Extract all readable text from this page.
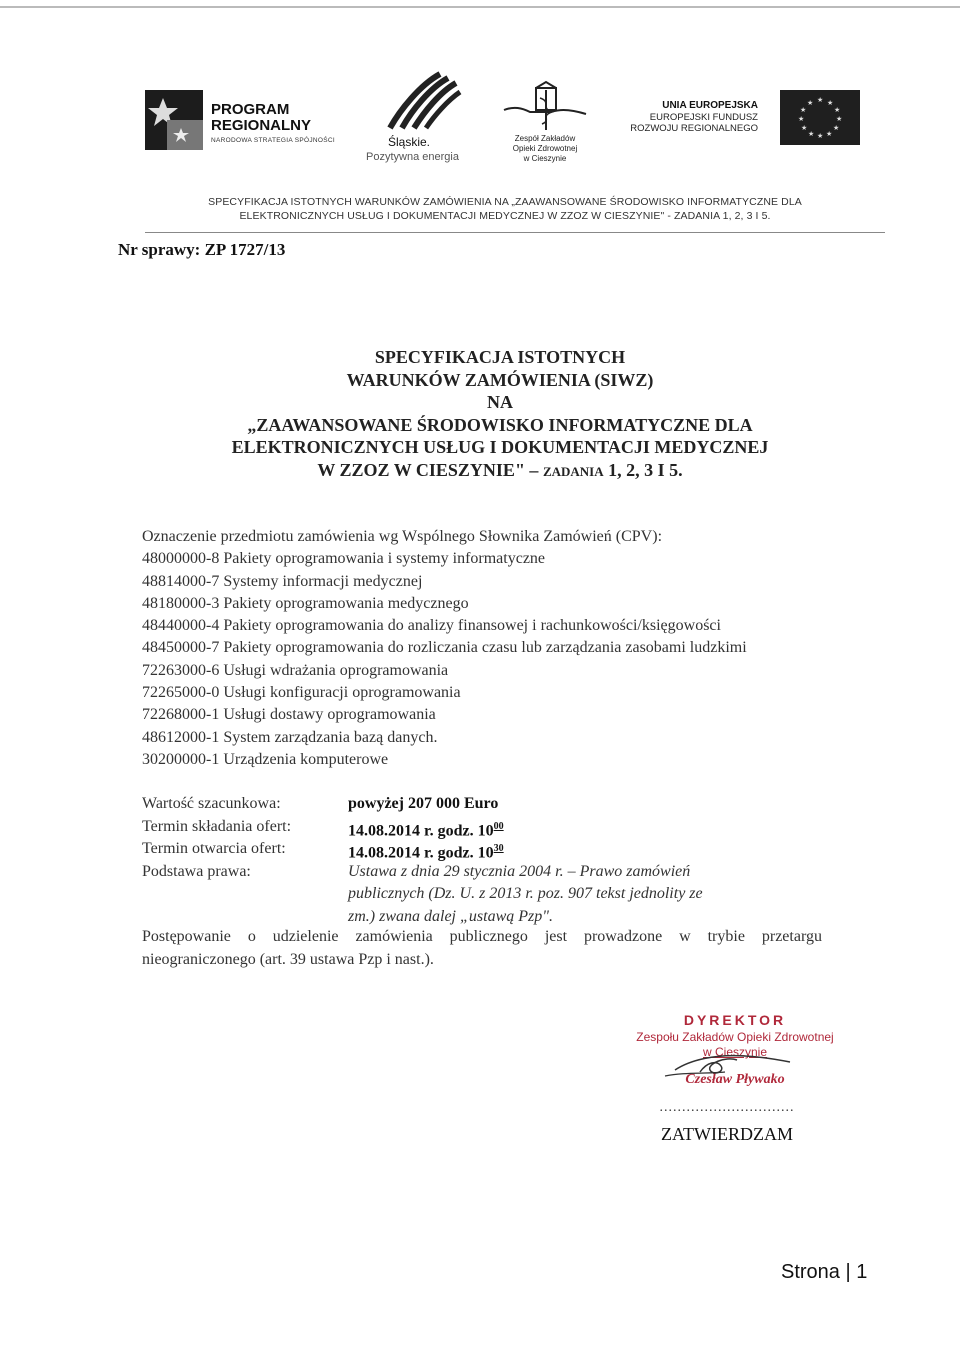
PROGRAM
REGIONALNY
NARODOWA STRATEGIA SPÓJNOŚCI	Śląskie.
Pozytywna energia
Zespół Zakładów
Opieki Zdrowotnej
w Cieszynie
UNIA EUROPEJSKA
EUROPEJSKI FUNDUSZ
ROZWOJU REGIONALNEGO
★ ★
★
★
★
★
★
★
★
★
★
★
SPECYFIKACJA ISTOTNYCH WARUNKÓW ZAMÓWIENIA NA „ZAAWANSOWANE ŚRODOWISKO INFORMATYCZNE DLA
ELEKTRONICZNYCH USŁUG I DOKUMENTACJI MEDYCZNEJ W ZZOZ W CIESZYNIE" - ZADANIA 1, 2, 3 I 5.
Nr sprawy: ZP 1727/13
SPECYFIKACJA ISTOTNYCH
WARUNKÓW ZAMÓWIENIA (SIWZ)
NA
„ZAAWANSOWANE ŚRODOWISKO INFORMATYCZNE DLA
ELEKTRONICZNYCH USŁUG I DOKUMENTACJI MEDYCZNEJ
W ZZOZ W CIESZYNIE" – ZADANIA 1, 2, 3 I 5.
Oznaczenie przedmiotu zamówienia wg Wspólnego Słownika Zamówień (CPV):
48000000-8 Pakiety oprogramowania i systemy informatyczne
48814000-7 Systemy informacji medycznej
48180000-3 Pakiety oprogramowania medycznego
48440000-4 Pakiety oprogramowania do analizy finansowej i rachunkowości/księgowości
48450000-7 Pakiety oprogramowania do rozliczania czasu lub zarządzania zasobami ludzkimi
72263000-6 Usługi wdrażania oprogramowania
72265000-0 Usługi konfiguracji oprogramowania
72268000-1 Usługi dostawy oprogramowania
48612000-1 System zarządzania bazą danych.
30200000-1 Urządzenia komputerowe
Wartość szacunkowa:	powyżej 207 000 Euro
Termin składania ofert:	14.08.2014 r. godz. $10^{00}$
Termin otwarcia ofert:	14.08.2014 r. godz. $10^{30}$
Podstawa prawa:	Ustawa z dnia 29 stycznia 2004 r. – Prawo zamówień
publicznych (Dz. U. z 2013 r. poz. 907 tekst jednolity ze
zm.) zwana dalej „ustawą Pzp".
Postępowanie o udzielenie zamówienia publicznego jest prowadzone w trybie przetargu nieograniczonego (art. 39 ustawa Pzp i nast.).
DYREKTOR
Zespołu Zakładów Opieki Zdrowotnej
w Cieszynie
Czesław Pływako
..............................
ZATWIERDZAM
Strona | 1
